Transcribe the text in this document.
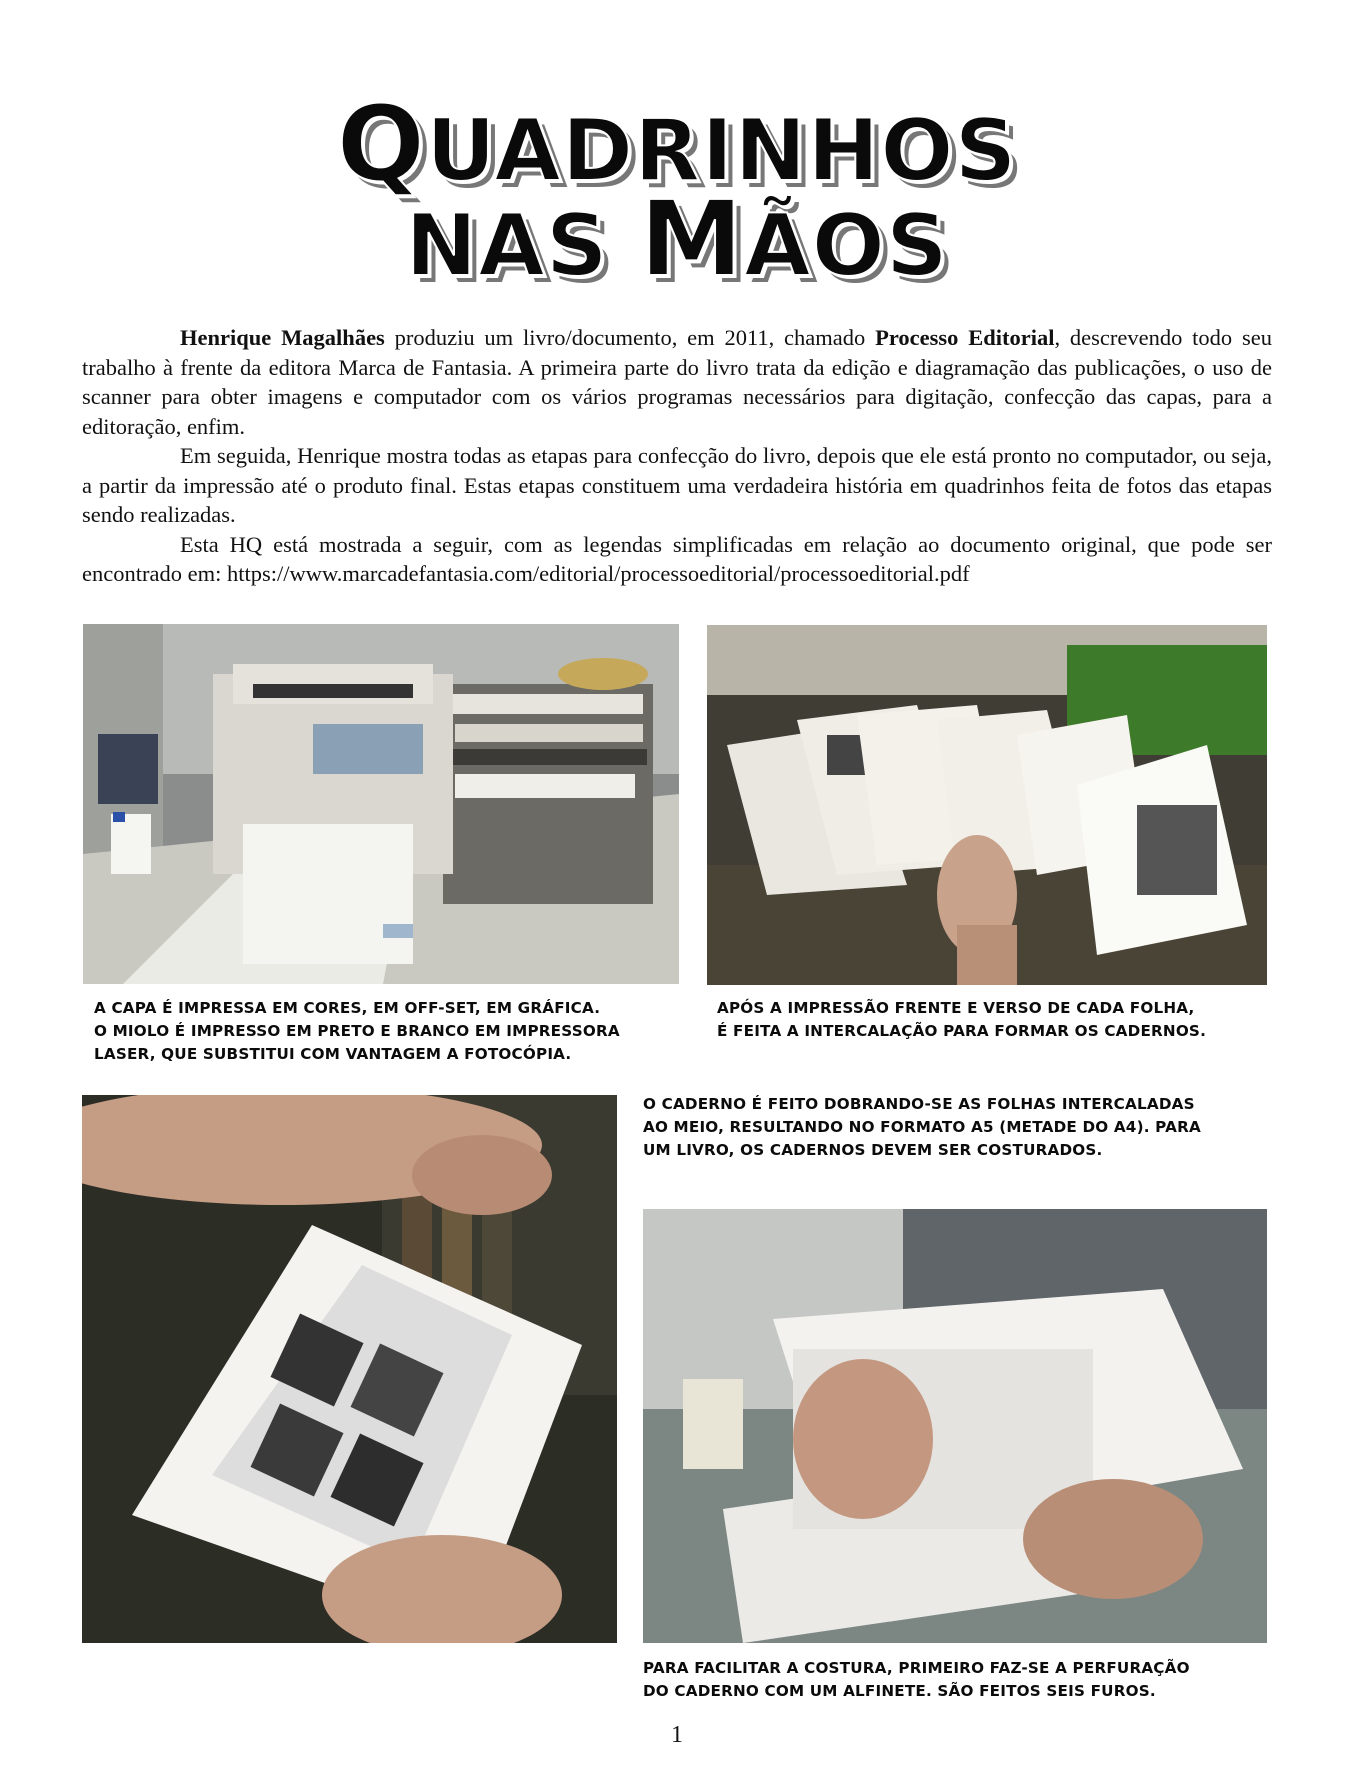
QUADRINHOS
NAS MÃOS

Henrique Magalhães produziu um livro/documento, em 2011, chamado Processo Editorial, descrevendo todo seu trabalho à frente da editora Marca de Fantasia. A primeira parte do livro trata da edição e diagramação das publicações, o uso de scanner para obter imagens e computador com os vários programas necessários para digitação, confecção das capas, para a editoração, enfim.

Em seguida, Henrique mostra todas as etapas para confecção do livro, depois que ele está pronto no computador, ou seja, a partir da impressão até o produto final. Estas etapas constituem uma verdadeira história em quadrinhos feita de fotos das etapas sendo realizadas.

Esta HQ está mostrada a seguir, com as legendas simplificadas em relação ao documento original, que pode ser encontrado em: https://www.marcadefantasia.com/editorial/processoeditorial/processoeditorial.pdf

A CAPA É IMPRESSA EM CORES, EM OFF-SET, EM GRÁFICA.
O MIOLO É IMPRESSO EM PRETO E BRANCO EM IMPRESSORA
LASER, QUE SUBSTITUI COM VANTAGEM A FOTOCÓPIA.
APÓS A IMPRESSÃO FRENTE E VERSO DE CADA FOLHA,
É FEITA A INTERCALAÇÃO PARA FORMAR OS CADERNOS.
O CADERNO É FEITO DOBRANDO-SE AS FOLHAS INTERCALADAS
AO MEIO, RESULTANDO NO FORMATO A5 (METADE DO A4). PARA
UM LIVRO, OS CADERNOS DEVEM SER COSTURADOS.
PARA FACILITAR A COSTURA, PRIMEIRO FAZ-SE A PERFURAÇÃO
DO CADERNO COM UM ALFINETE. SÃO FEITOS SEIS FUROS.
1
